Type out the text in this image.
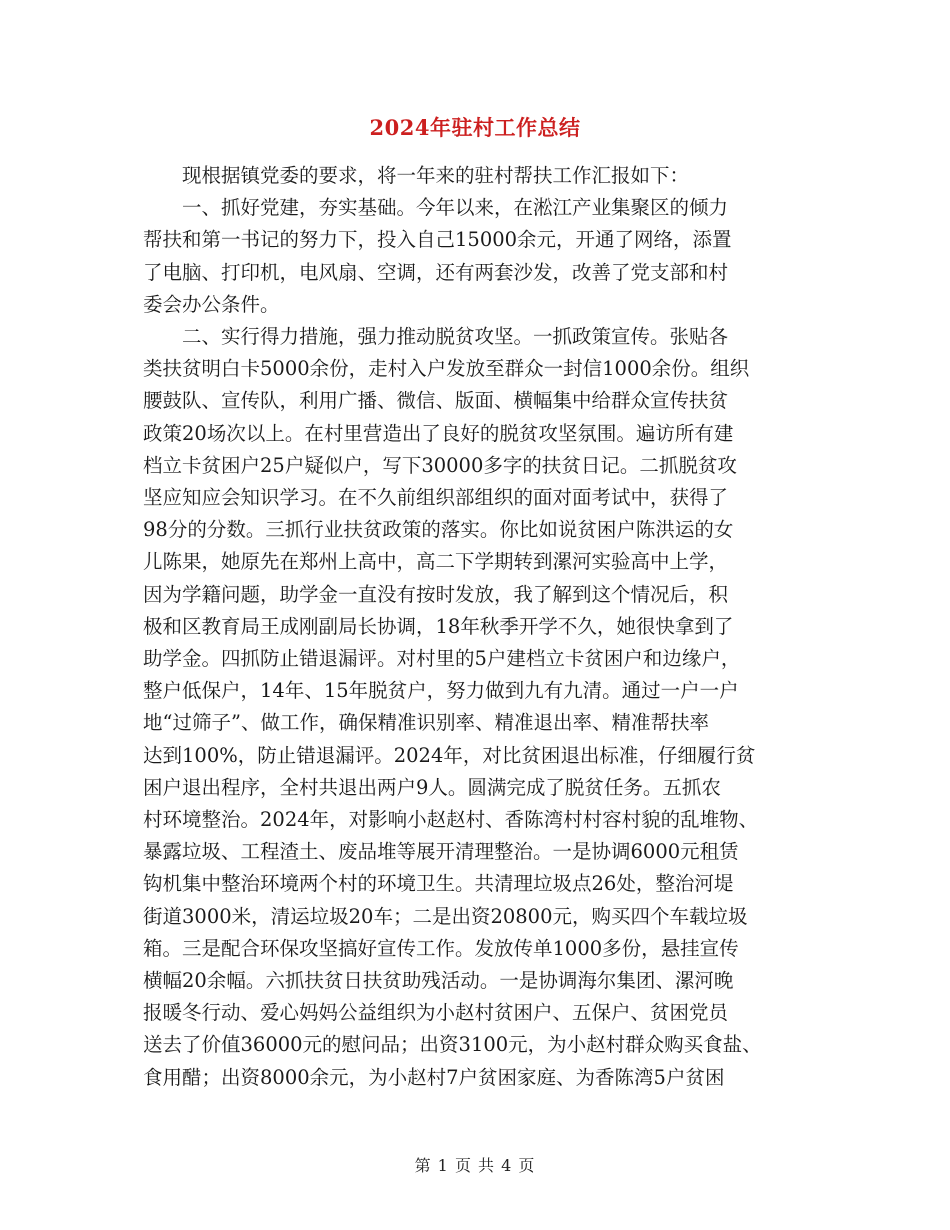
2024年驻村工作总结
　　现根据镇党委的要求，将一年来的驻村帮扶工作汇报如下：
　　一、抓好党建，夯实基础。今年以来，在淞江产业集聚区的倾力
帮扶和第一书记的努力下，投入自己15000余元，开通了网络，添置
了电脑、打印机，电风扇、空调，还有两套沙发，改善了党支部和村
委会办公条件。
　　二、实行得力措施，强力推动脱贫攻坚。一抓政策宣传。张贴各
类扶贫明白卡5000余份，走村入户发放至群众一封信1000余份。组织
腰鼓队、宣传队，利用广播、微信、版面、横幅集中给群众宣传扶贫
政策20场次以上。在村里营造出了良好的脱贫攻坚氛围。遍访所有建
档立卡贫困户25户疑似户，写下30000多字的扶贫日记。二抓脱贫攻
坚应知应会知识学习。在不久前组织部组织的面对面考试中，获得了
98分的分数。三抓行业扶贫政策的落实。你比如说贫困户陈洪运的女
儿陈果，她原先在郑州上高中，高二下学期转到漯河实验高中上学，
因为学籍问题，助学金一直没有按时发放，我了解到这个情况后，积
极和区教育局王成刚副局长协调，18年秋季开学不久，她很快拿到了
助学金。四抓防止错退漏评。对村里的5户建档立卡贫困户和边缘户，
整户低保户，14年、15年脱贫户，努力做到九有九清。通过一户一户
地“过筛子”、做工作，确保精准识别率、精准退出率、精准帮扶率
达到100%，防止错退漏评。2024年，对比贫困退出标准，仔细履行贫
困户退出程序，全村共退出两户9人。圆满完成了脱贫任务。五抓农
村环境整治。2024年，对影响小赵赵村、香陈湾村村容村貌的乱堆物、
暴露垃圾、工程渣土、废品堆等展开清理整治。一是协调6000元租赁
钩机集中整治环境两个村的环境卫生。共清理垃圾点26处，整治河堤
街道3000米，清运垃圾20车；二是出资20800元，购买四个车载垃圾
箱。三是配合环保攻坚搞好宣传工作。发放传单1000多份，悬挂宣传
横幅20余幅。六抓扶贫日扶贫助残活动。一是协调海尔集团、漯河晚
报暖冬行动、爱心妈妈公益组织为小赵村贫困户、五保户、贫困党员
送去了价值36000元的慰问品；出资3100元，为小赵村群众购买食盐、
食用醋；出资8000余元，为小赵村7户贫困家庭、为香陈湾5户贫困
第 1 页 共 4 页
